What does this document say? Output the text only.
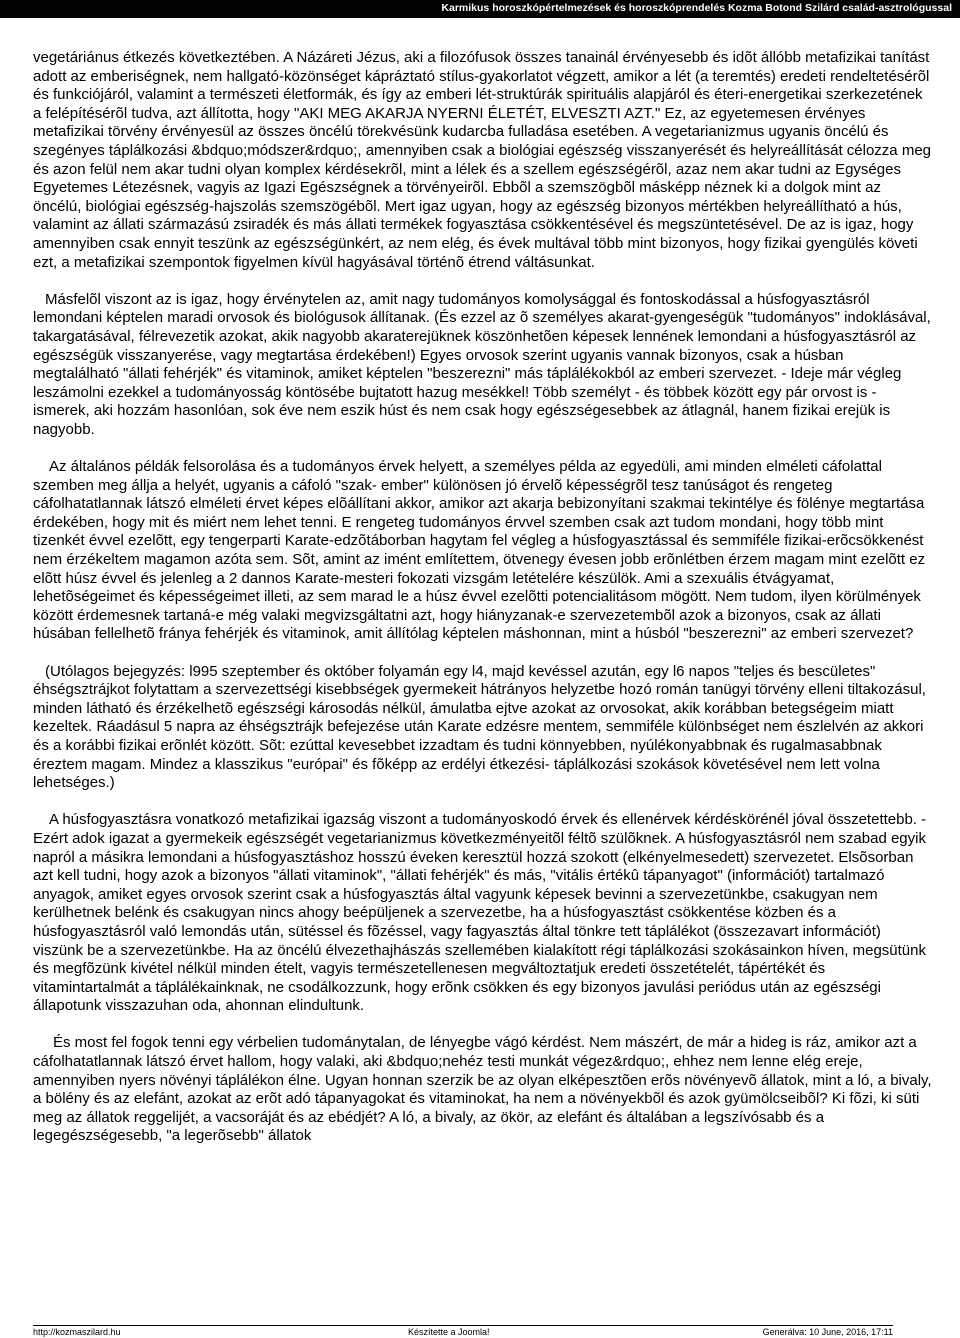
Karmikus horoszkópértelmezések és horoszkóprendelés Kozma Botond Szilárd család-asztrológussal

vegetáriánus étkezés következtében. A Názáreti Jézus, aki a filozófusok összes tanainál érvényesebb és idõt állóbb metafizikai tanítást adott az emberiségnek, nem hallgató-közönséget kápráztató stílus-gyakorlatot végzett, amikor a lét (a teremtés) eredeti rendeltetésérõl és funkciójáról, valamint a természeti életformák, és így az emberi lét-struktúrák spirituális alapjáról és éteri-energetikai szerkezetének a felépítésérõl tudva, azt állította, hogy "AKI MEG AKARJA NYERNI ÉLETÉT, ELVESZTI AZT." Ez, az egyetemesen érvényes metafizikai törvény érvényesül az összes öncélú törekvésünk kudarcba fulladása esetében. A vegetarianizmus ugyanis öncélú és szegényes táplálkozási &bdquo;módszer&rdquo;, amennyiben csak a biológiai egészség visszanyerését és helyreállítását célozza meg és azon felül nem akar tudni olyan komplex kérdésekrõl, mint a lélek és a szellem egészségérõl, azaz nem akar tudni az Egységes Egyetemes Létezésnek, vagyis az Igazi Egészségnek a törvényeirõl. Ebbõl a szemszögbõl másképp néznek ki a dolgok mint az öncélú, biológiai egészség-hajszolás szemszögébõl. Mert igaz ugyan, hogy az egészség bizonyos mértékben helyreállítható a hús, valamint az állati származású zsiradék és más állati termékek fogyasztása csökkentésével és megszüntetésével. De az is igaz, hogy amennyiben csak ennyit teszünk az egészségünkért, az nem elég, és évek multával több mint bizonyos, hogy fizikai gyengülés követi ezt, a metafizikai szempontok figyelmen kívül hagyásával történõ étrend váltásunkat.

Másfelõl viszont az is igaz, hogy érvénytelen az, amit nagy tudományos komolysággal és fontoskodással a húsfogyasztásról lemondani képtelen maradi orvosok és biológusok állítanak. (És ezzel az õ személyes akarat-gyengeségük "tudományos" indoklásával, takargatásával, félrevezetik azokat, akik nagyobb akaraterejüknek köszönhetõen képesek lennének lemondani a húsfogyasztásról az egészségük visszanyerése, vagy megtartása érdekében!) Egyes orvosok szerint ugyanis vannak bizonyos, csak a húsban megtalálható "állati fehérjék" és vitaminok, amiket képtelen "beszerezni" más táplálékokból az emberi szervezet. - Ideje már végleg leszámolni ezekkel a tudományosság köntösébe bujtatott hazug mesékkel! Több személyt - és többek között egy pár orvost is - ismerek, aki hozzám hasonlóan, sok éve nem eszik húst és nem csak hogy egészségesebbek az átlagnál, hanem fizikai erejük is nagyobb.

Az általános példák felsorolása és a tudományos érvek helyett, a személyes példa az egyedüli, ami minden elméleti cáfolattal szemben meg állja a helyét, ugyanis a cáfoló "szak- ember" különösen jó érvelõ képességrõl tesz tanúságot és rengeteg cáfolhatatlannak látszó elméleti érvet képes elõállítani akkor, amikor azt akarja bebizonyítani szakmai tekintélye és fölénye megtartása érdekében, hogy mit és miért nem lehet tenni. E rengeteg tudományos érvvel szemben csak azt tudom mondani, hogy több mint tizenkét évvel ezelõtt, egy tengerparti Karate-edzõtáborban hagytam fel végleg a húsfogyasztással és semmiféle fizikai-erõcsökkenést nem érzékeltem magamon azóta sem. Sõt, amint az imént említettem, ötvenegy évesen jobb erõnlétben érzem magam mint ezelõtt ez elõtt húsz évvel és jelenleg a 2 dannos Karate-mesteri fokozati vizsgám letételére készülök. Ami a szexuális étvágyamat, lehetõségeimet és képességeimet illeti, az sem marad le a húsz évvel ezelõtti potencialitásom mögött. Nem tudom, ilyen körülmények között érdemesnek tartaná-e még valaki megvizsgáltatni azt, hogy hiányzanak-e szervezetembõl azok a bizonyos, csak az állati húsában fellelhetõ fránya fehérjék és vitaminok, amit állítólag képtelen máshonnan, mint a húsból "beszerezni" az emberi szervezet?

(Utólagos bejegyzés: l995 szeptember és október folyamán egy l4, majd kevéssel azután, egy l6 napos "teljes és bescületes" éhségsztrájkot folytattam a szervezettségi kisebbségek gyermekeit hátrányos helyzetbe hozó román tanügyi törvény elleni tiltakozásul, minden látható és érzékelhetõ egészségi károsodás nélkül, ámulatba ejtve azokat az orvosokat, akik korábban betegségeim miatt kezeltek. Ráadásul 5 napra az éhségsztrájk befejezése után Karate edzésre mentem, semmiféle különbséget nem észlelvén az akkori és a korábbi fizikai erõnlét között. Sõt: ezúttal kevesebbet izzadtam és tudni könnyebben, nyúlékonyabbnak és rugalmasabbnak éreztem magam. Mindez a klasszikus "európai" és fõképp az erdélyi étkezési- táplálkozási szokások követésével nem lett volna lehetséges.)

A húsfogyasztásra vonatkozó metafizikai igazság viszont a tudományoskodó érvek és ellenérvek kérdéskörénél jóval összetettebb. - Ezért adok igazat a gyermekeik egészségét vegetarianizmus következményeitõl féltõ szülõknek. A húsfogyasztásról nem szabad egyik napról a másikra lemondani a húsfogyasztáshoz hosszú éveken keresztül hozzá szokott (elkényelmesedett) szervezetet. Elsõsorban azt kell tudni, hogy azok a bizonyos "állati vitaminok", "állati fehérjék" és más, "vitális értékû tápanyagot" (információt) tartalmazó anyagok, amiket egyes orvosok szerint csak a húsfogyasztás által vagyunk képesek bevinni a szervezetünkbe, csakugyan nem kerülhetnek belénk és csakugyan nincs ahogy beépüljenek a szervezetbe, ha a húsfogyasztást csökkentése közben és a húsfogyasztásról való lemondás után, sütéssel és fõzéssel, vagy fagyasztás által tönkre tett táplálékot (összezavart információt) viszünk be a szervezetünkbe. Ha az öncélú élvezethajhászás szellemében kialakított régi táplálkozási szokásainkon híven, megsütünk és megfõzünk kivétel nélkül minden ételt, vagyis természetellenesen megváltoztatjuk eredeti összetételét, tápértékét és vitamintartalmát a táplálékainknak, ne csodálkozzunk, hogy erõnk csökken és egy bizonyos javulási periódus után az egészségi állapotunk visszazuhan oda, ahonnan elindultunk.

És most fel fogok tenni egy vérbelien tudománytalan, de lényegbe vágó kérdést. Nem mászért, de már a hideg is ráz, amikor azt a cáfolhatatlannak látszó érvet hallom, hogy valaki, aki &bdquo;nehéz testi munkát végez&rdquo;, ehhez nem lenne elég ereje, amennyiben nyers növényi táplálékon élne. Ugyan honnan szerzik be az olyan elképesztõen erõs növényevõ állatok, mint a ló, a bivaly, a bölény és az elefánt, azokat az erõt adó tápanyagokat és vitaminokat, ha nem a növényekbõl és azok gyümölcseibõl? Ki fõzi, ki süti meg az állatok reggelijét, a vacsoráját és az ebédjét? A ló, a bivaly, az ökör, az elefánt és általában a legszívósabb és a legegészségesebb, "a legerõsebb" állatok

http://kozmaszilard.hu	Készítette a Joomla!	Generálva: 10 June, 2016, 17:11
